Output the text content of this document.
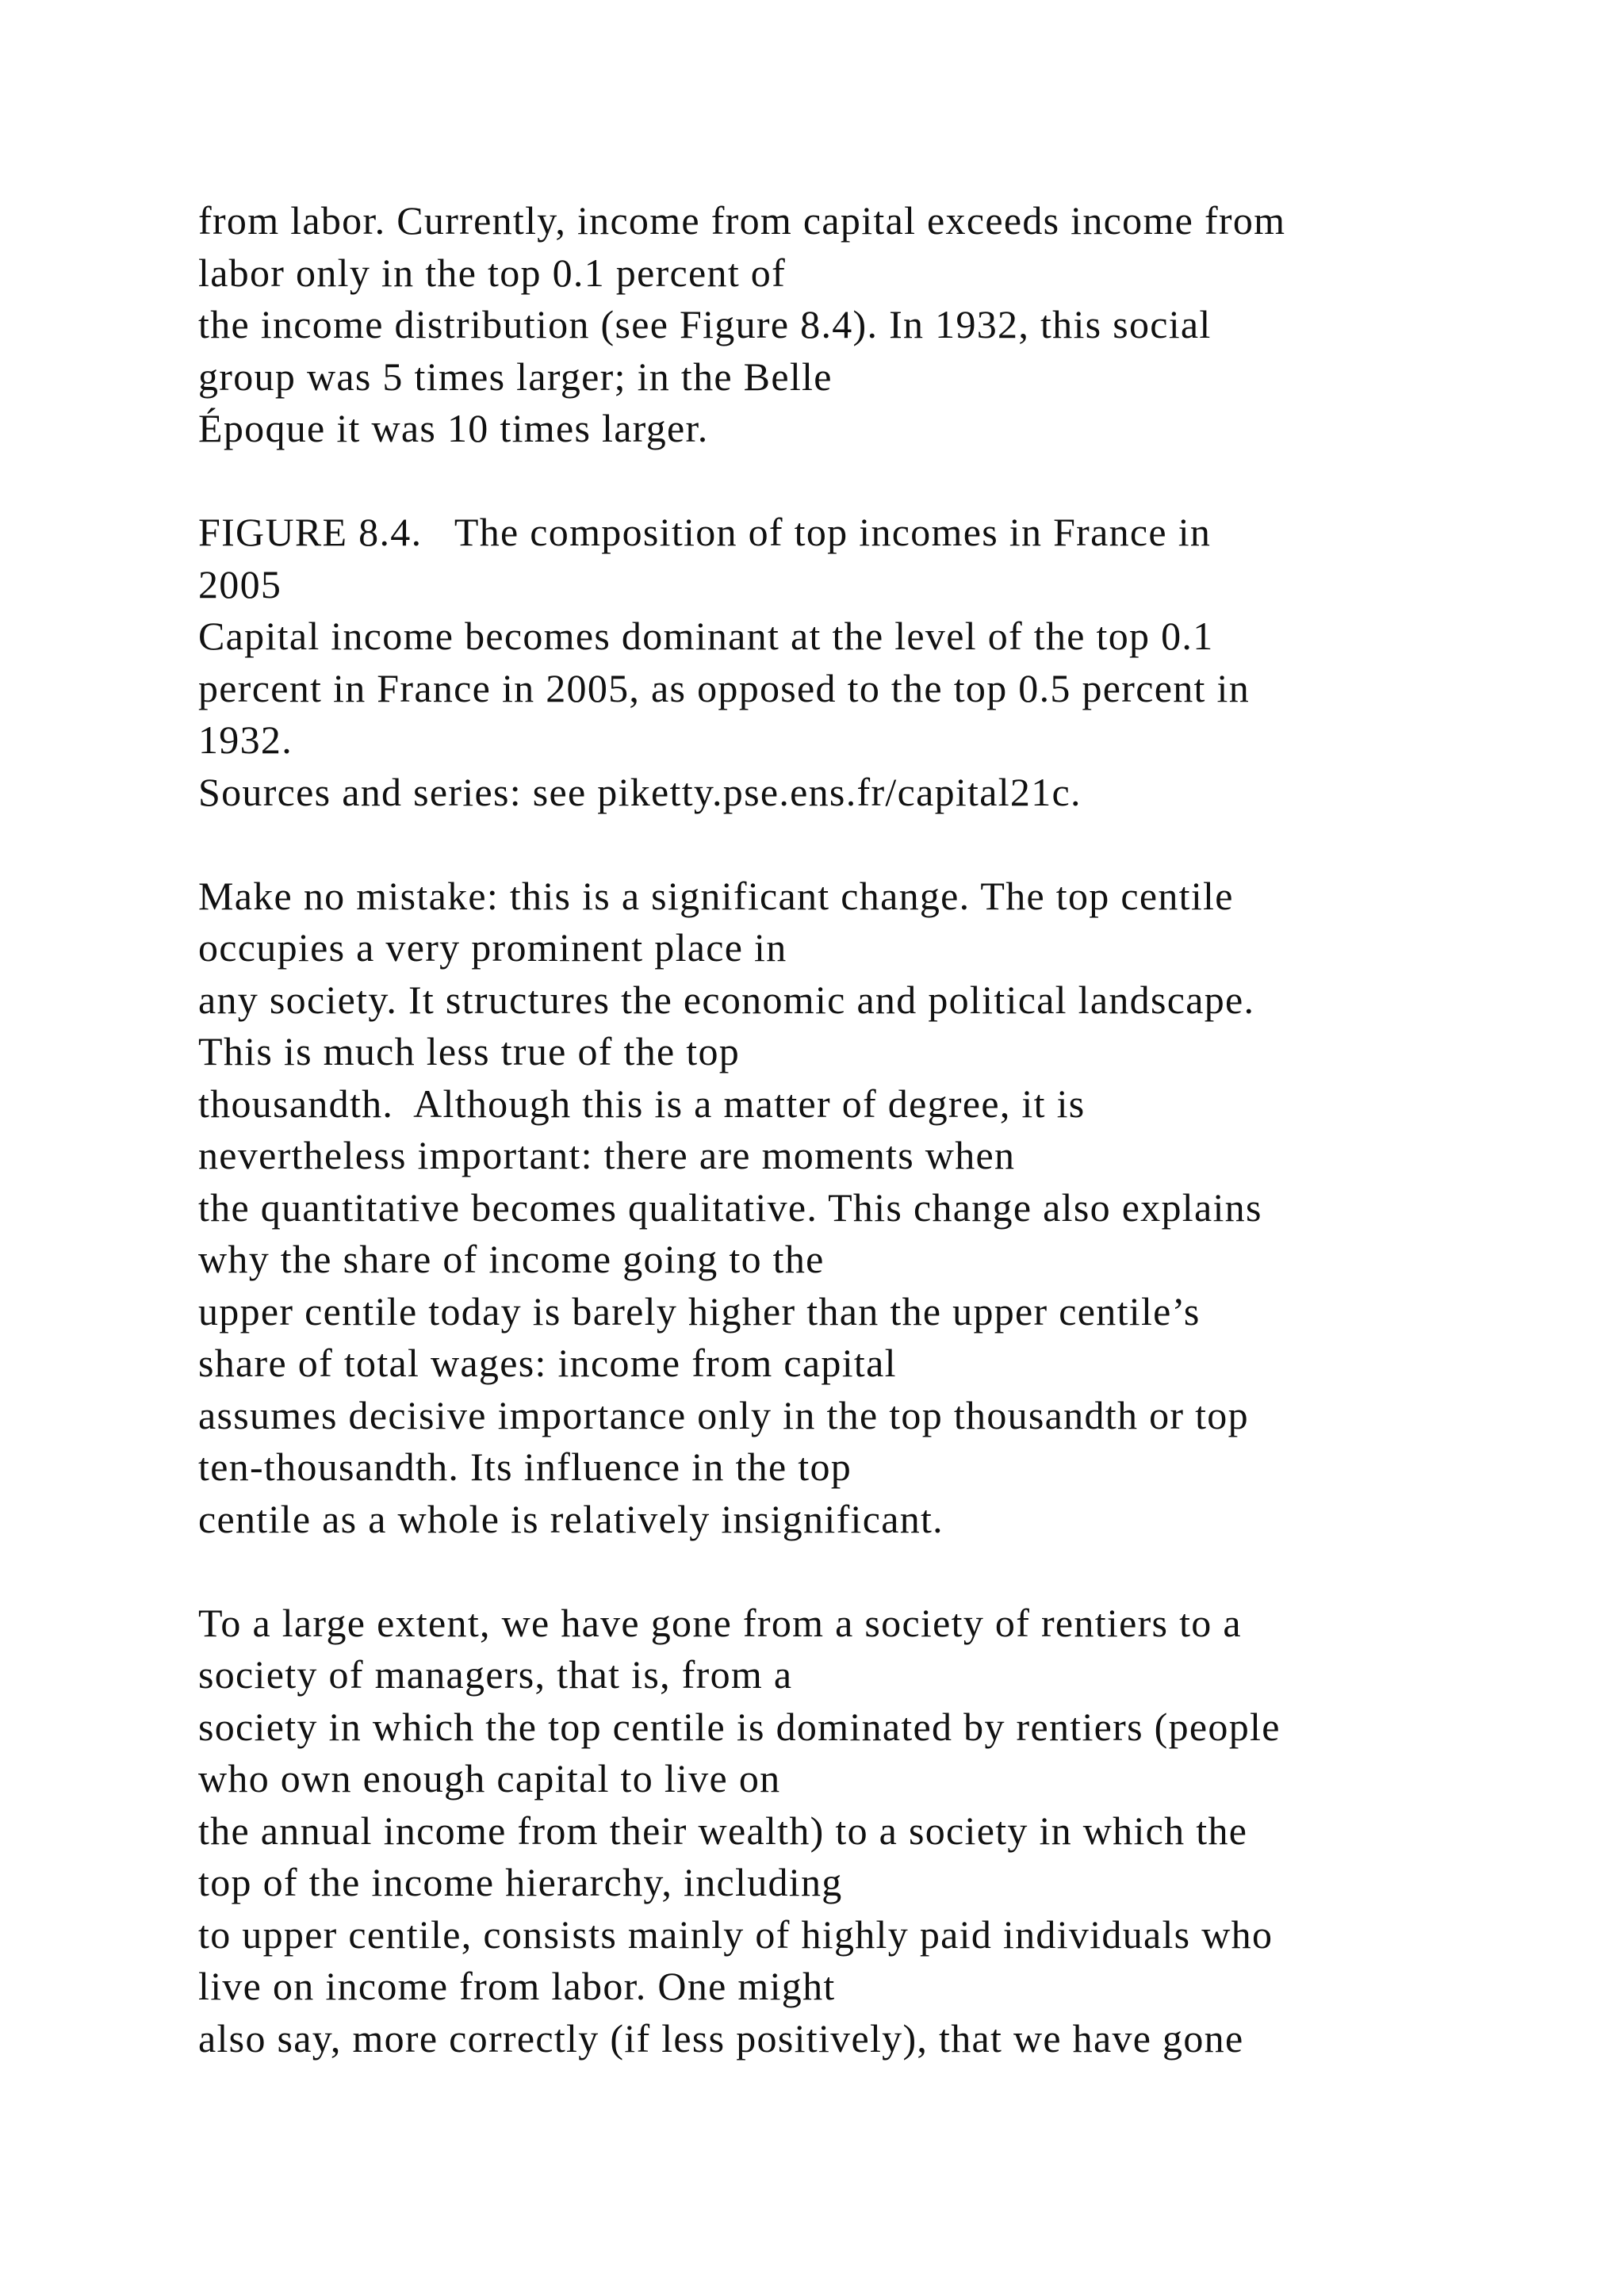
from labor. Currently, income from capital exceeds income from
labor only in the top 0.1 percent of
the income distribution (see Figure 8.4). In 1932, this social
group was 5 times larger; in the Belle
Époque it was 10 times larger.
FIGURE 8.4.   The composition of top incomes in France in
2005
Capital income becomes dominant at the level of the top 0.1
percent in France in 2005, as opposed to the top 0.5 percent in
1932.
Sources and series: see piketty.pse.ens.fr/capital21c.
Make no mistake: this is a significant change. The top centile
occupies a very prominent place in
any society. It structures the economic and political landscape.
This is much less true of the top
thousandth.  Although this is a matter of degree, it is
nevertheless important: there are moments when
the quantitative becomes qualitative. This change also explains
why the share of income going to the
upper centile today is barely higher than the upper centile’s
share of total wages: income from capital
assumes decisive importance only in the top thousandth or top
ten-thousandth. Its influence in the top
centile as a whole is relatively insignificant.
To a large extent, we have gone from a society of rentiers to a
society of managers, that is, from a
society in which the top centile is dominated by rentiers (people
who own enough capital to live on
the annual income from their wealth) to a society in which the
top of the income hierarchy, including
to upper centile, consists mainly of highly paid individuals who
live on income from labor. One might
also say, more correctly (if less positively), that we have gone
